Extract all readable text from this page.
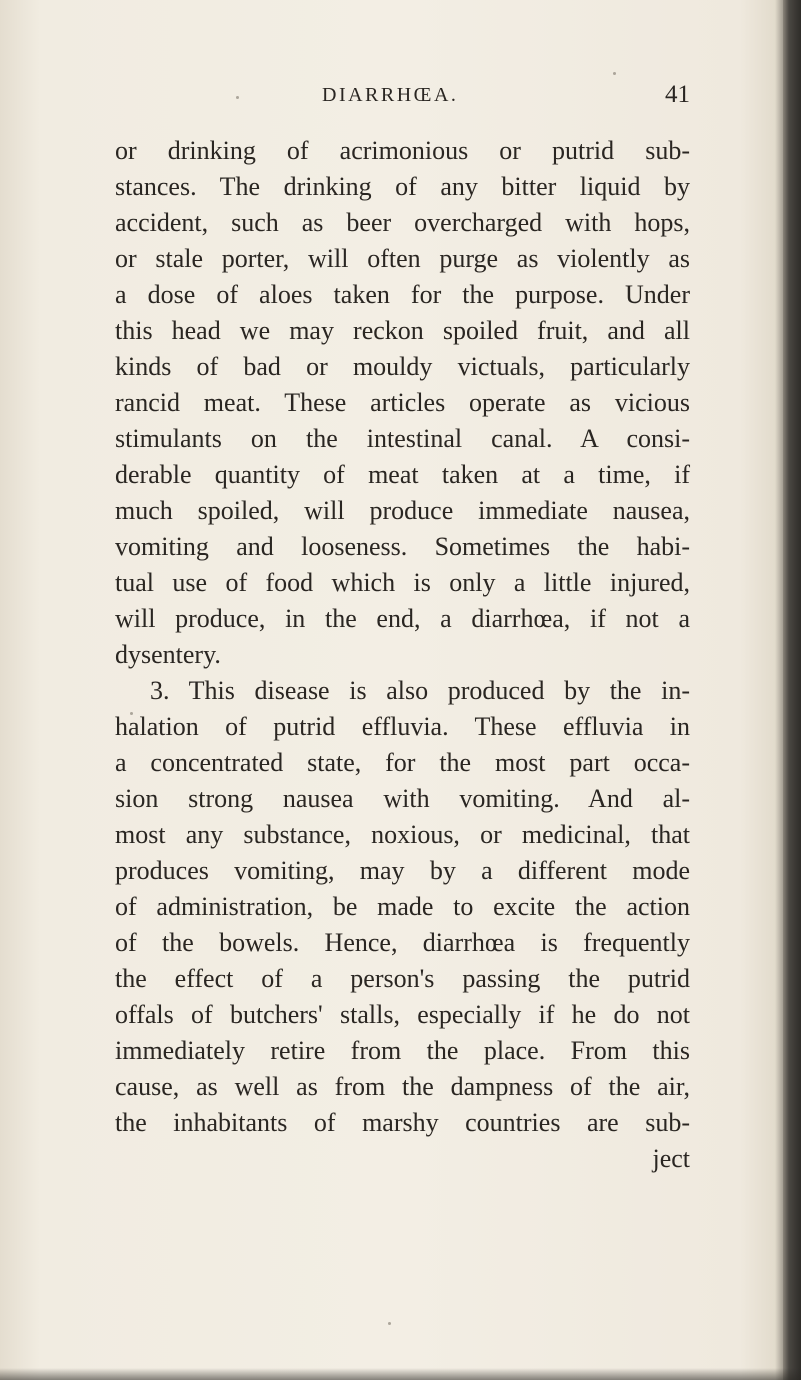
DIARRHŒA.	41
or drinking of acrimonious or putrid sub-
stances. The drinking of any bitter liquid by
accident, such as beer overcharged with hops,
or stale porter, will often purge as violently as
a dose of aloes taken for the purpose. Under
this head we may reckon spoiled fruit, and all
kinds of bad or mouldy victuals, particularly
rancid meat. These articles operate as vicious
stimulants on the intestinal canal. A consi-
derable quantity of meat taken at a time, if
much spoiled, will produce immediate nausea,
vomiting and looseness. Sometimes the habi-
tual use of food which is only a little injured,
will produce, in the end, a diarrhœa, if not a
dysentery.
3. This disease is also produced by the in-
halation of putrid effluvia. These effluvia in
a concentrated state, for the most part occa-
sion strong nausea with vomiting. And al-
most any substance, noxious, or medicinal, that
produces vomiting, may by a different mode
of administration, be made to excite the action
of the bowels. Hence, diarrhœa is frequently
the effect of a person's passing the putrid
offals of butchers' stalls, especially if he do not
immediately retire from the place. From this
cause, as well as from the dampness of the air,
the inhabitants of marshy countries are sub-
ject
